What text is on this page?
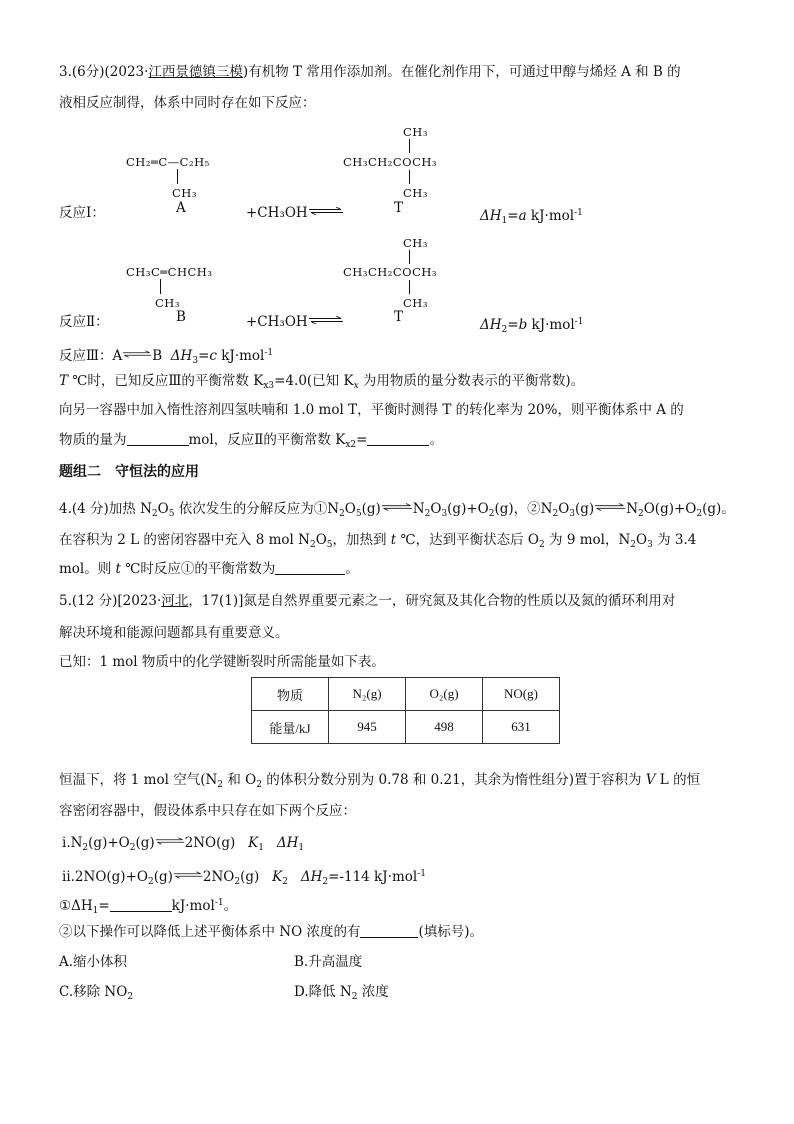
3.(6分)(2023·江西景德镇三模)有机物 T 常用作添加剂。在催化剂作用下，可通过甲醇与烯烃 A 和 B 的
液相反应制得，体系中同时存在如下反应：
CH₂═C—C₂H₅
CH₃
A
CH₃
CH₃CH₂COCH₃
CH₃
反应Ⅰ：	+CH₃OH	T	$\Delta H_1=a$ kJ·mol$^{-1}$
CH₃
CH₃C═CHCH₃	CH₃CH₂COCH₃
CH₃	CH₃
B	T
反应Ⅱ：	+CH₃OH	$\Delta H_2=b$ kJ·mol$^{-1}$
反应Ⅲ：A B $\Delta H_3=c$ kJ·mol$^{-1}$
T ℃时，已知反应Ⅲ的平衡常数 $K_{x3}=4.0$(已知 $K_x$ 为用物质的量分数表示的平衡常数)。
向另一容器中加入惰性溶剂四氢呋喃和 1.0 mol T，平衡时测得 T 的转化率为 20%，则平衡体系中 A 的
物质的量为	mol，反应Ⅱ的平衡常数 $K_{x2}=$	。
题组二　守恒法的应用
4.(4 分)加热 $N_2O_5$ 依次发生的分解反应为$①N_2O_5(g)$ $N_2O_3(g)+O_2(g)$，$②N_2O_3(g)$ $N_2O(g)+O_2(g)$。
在容积为 2 L 的密闭容器中充入 8 mol $N_2O_5$，加热到 t ℃，达到平衡状态后 $O_2$ 为 9 mol，$N_2O_3$ 为 3.4
mol。则 t ℃时反应①的平衡常数为	。
5.(12 分)[2023·河北，17(1)]氮是自然界重要元素之一，研究氮及其化合物的性质以及氮的循环利用对
解决环境和能源问题都具有重要意义。
已知：1 mol 物质中的化学键断裂时所需能量如下表。
物质	N₂(g)	O₂(g)	NO(g)
能量/kJ	945	498	631
恒温下，将 1 mol 空气($N_2$ 和 $O_2$ 的体积分数分别为 0.78 和 0.21，其余为惰性组分)置于容积为 V L 的恒
容密闭容器中，假设体系中只存在如下两个反应：
$ⅰ.N_2(g)+O_2(g)$ 2NO(g) $K_1$ $\Delta H_1$
$ⅱ.2NO(g)+O_2(g)$ $2NO_2(g)$ $K_2$ $\Delta H_2=-114$ kJ·mol$^{-1}$
$①\Delta H_1=$	kJ·mol$^{-1}$。
②以下操作可以降低上述平衡体系中 NO 浓度的有	(填标号)。
A.缩小体积	B.升高温度
C.移除 $NO_2$	D.降低 $N_2$ 浓度
